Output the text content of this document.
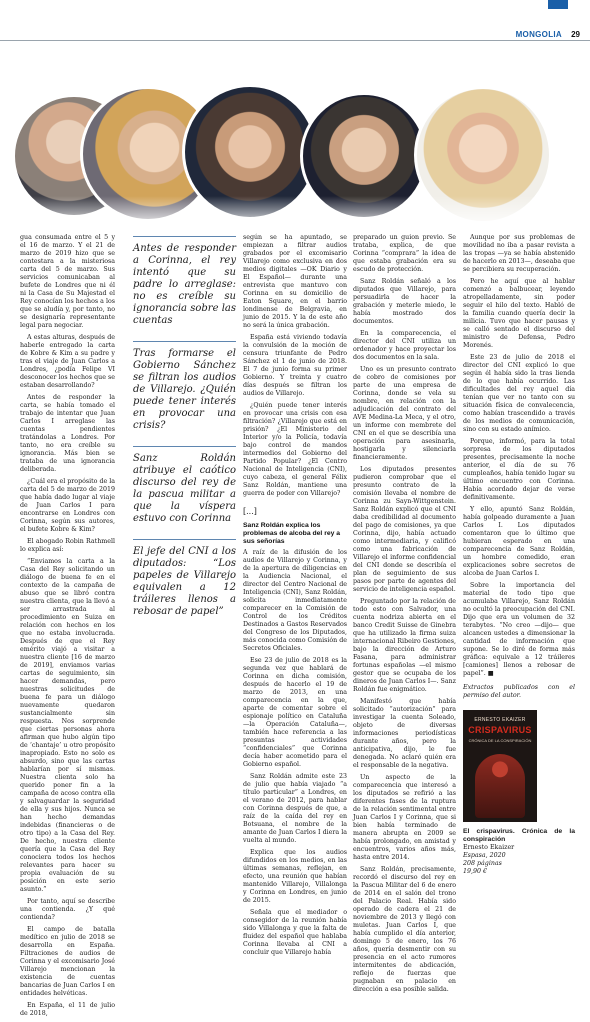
MONGOLIA 29

gua consumada entre el 5 y el 16 de marzo. Y el 21 de marzo de 2019 hizo que se contestara a la misteriosa carta del 5 de marzo. Sus servicios comunicaban al bufete de Londres que ni él ni la Casa de Su Majestad el Rey conocían los hechos a los que se aludía y, por tanto, no se designaría representante legal para negociar.

A estas alturas, después de haberle entregado la carta de Kobre & Kim a su padre y tras el viaje de Juan Carlos a Londres, ¿podía Felipe VI desconocer los hechos que se estaban desarrollando?

Antes de responder la carta, se había tomado el trabajo de intentar que Juan Carlos I arreglase las cuentas pendientes tratándolas a Londres. Por tanto, no era creíble su ignorancia. Más bien se trataba de una ignorancia deliberada.

¿Cuál era el propósito de la carta del 5 de marzo de 2019 que había dado lugar al viaje de Juan Carlos I para encontrarse en Londres con Corinna, según sus autores, el bufete Kobre & Kim?

El abogado Robin Rathmell lo explica así:

“Enviamos la carta a la Casa del Rey solicitando un diálogo de buena fe en el contexto de la campaña de abuso que se libró contra nuestra clienta, que la llevó a ser arrastrada al procedimiento en Suiza en relación con hechos en los que no estaba involucrada. Después de que el Rey emérito viajó a visitar a nuestra cliente [16 de marzo de 2019], enviamos varias cartas de seguimiento, sin hacer demandas, pero nuestras solicitudes de buena fe para un diálogo nuevamente quedaron sustancialmente sin respuesta. Nos sorprende que ciertas personas ahora afirman que hubo algún tipo de ‘chantaje’ u otro propósito inapropiado. Esto no solo es absurdo, sino que las cartas hablarían por sí mismas. Nuestra clienta solo ha querido poner fin a la campaña de acoso contra ella y salvaguardar la seguridad de ella y sus hijos. Nunca se han hecho demandas indebidas (financieras o de otro tipo) a la Casa del Rey. De hecho, nuestra cliente quería que la Casa del Rey conociera todos los hechos relevantes para hacer su propia evaluación de su posición en este serio asunto.”

Por tanto, aquí se describe una contienda. ¿Y qué contienda?

El campo de batalla medítico en julio de 2018 se desarrolla en España. Filtraciones de audios de Corinna y el excomisario José Villarejo mencionan la existencia de cuentas bancarias de Juan Carlos I en entidades helvéticas.

En España, el 11 de julio de 2018,

Antes de responder a Corinna, el rey intentó que su padre lo arreglase: no es creíble su ignorancia sobre las cuentas
Tras formarse el Gobierno Sánchez se filtran los audios de Villarejo. ¿Quién puede tener interés en provocar una crisis?
Sanz Roldán atribuye el caótico discurso del rey de la pascua militar a que la víspera estuvo con Corinna
El jefe del CNI a los diputados: “Los papeles de Villarejo equivalen a 12 tráileres llenos a rebosar de papel”

según se ha apuntado, se empiezan a filtrar audios grabados por el excomisario Villarejo como exclusiva en dos medios digitales —OK Diario y El Español— durante una entrevista que mantuvo con Corinna en su domicilio de Eaton Square, en el barrio londinense de Belgravia, en junio de 2015. Y la de este año no será la única grabación.

España está viviendo todavía la convulsión de la moción de censura triunfante de Pedro Sánchez el 1 de junio de 2018. El 7 de junio forma su primer Gobierno. Y treinta y cuatro días después se filtran los audios de Villarejo.

¿Quién puede tener interés en provocar una crisis con esa filtración? ¿Villarejo que está en prisión? ¿El Ministerio del Interior y/o la Policía, todavía bajo control de mandos intermedios del Gobierno del Partido Popular? ¿El Centro Nacional de Inteligencia (CNI), cuyo cabeza, el general Félix Sanz Roldán, mantiene una guerra de poder con Villarejo?

[...]

Sanz Roldán explica los problemas de alcoba del rey a sus señorías

A raíz de la difusión de los audios de Villarejo y Corinna, y de la apertura de diligencias en la Audiencia Nacional, el director del Centro Nacional de Inteligencia (CNI), Sanz Roldán, solicita inmediatamente comparecer en la Comisión de Control de los Créditos Destinados a Gastos Reservados del Congreso de los Diputados, más conocida como Comisión de Secretos Oficiales.

Ese 23 de julio de 2018 es la segunda vez que hablará de Corinna en dicha comisión, después de hacerlo el 19 de marzo de 2013, en una comparecencia en la que, aparte de comentar sobre el espionaje político en Cataluña —la Operación Cataluña—, también hace referencia a las presuntas actividades “confidenciales” que Corinna decía haber acometido para el Gobierno español.

Sanz Roldán admite este 23 de julio que había viajado “a título particular” a Londres, en el verano de 2012, para hablar con Corinna después de que, a raíz de la caída del rey en Botsuana, el nombre de la amante de Juan Carlos I diera la vuelta al mundo.

Explica que los audios difundidos en los medios, en las últimas semanas, reflejan, en efecto, una reunión que habían mantenido Villarejo, Villalonga y Corinna en Londres, en junio de 2015.

Señala que el mediador o consegidor de la reunión había sido Villalonga y que la falta de fluidez del español que hablaba Corinna llevaba al CNI a concluir que Villarejo había

preparado un guion previo. Se trataba, explica, de que Corinna “comprara” la idea de que estaba grabación era su escudo de protección.

Sanz Roldán señaló a los diputados que Villarejo, para persuadirla de hacer la grabación y meterle miedo, le había mostrado dos documentos.

En la comparecencia, el director del CNI utiliza un ordenador y hace proyectar los dos documentos en la sala.

Uno es un presunto contrato de cobro de comisiones por parte de una empresa de Corinna, donde se vela su nombre, en relación con la adjudicación del contrato del AVE Medina-La Meca, y el otro, un informe con membrete del CNI en el que se describía una operación para asesinarla, hostigarla y silenciarla financieramente.

Los diputados presentes pudieron comprobar que el presunto contrato de la comisión llevaba el nombre de Corinna zu Sayn-Wittgenstein. Sanz Roldán explicó que el CNI daba credibilidad al documento del pago de comisiones, ya que Corinna, dijo, había actuado como intermediaria, y calificó como una fabricación de Villarejo el informe confidencial del CNI donde se describía el plan de seguimiento de sus pasos por parte de agentes del servicio de inteligencia español.

Preguntado por la relación de todo esto con Salvador, una cuenta nodriza abierta en el banco Credit Suisse de Ginebra que ha utilizado la firma suiza internacional Ribeiro Gestiones, bajo la dirección de Arturo Fasana, para administrar fortunas españolas —el mismo gestor que se ocupaba de los dineros de Juan Carlos I—. Sanz Roldán fue enigmático.

Manifestó que había solicitado “autorización” para investigar la cuenta Soleado, objeto de diversas informaciones periodísticas durante años, pero la anticipativa, dijo, le fue denegada. No aclaró quién era el responsable de la negativa.

Un aspecto de la comparecencia que interesó a los diputados se refirió a las diferentes fases de la ruptura de la relación sentimental entre Juan Carlos I y Corinna, que si bien había terminado de manera abrupta en 2009 se había prolongado, en amistad y encuentros, varios años más, hasta entre 2014.

Sanz Roldán, precisamente, recordó el discurso del rey en la Pascua Militar del 6 de enero de 2014 en el salón del trono del Palacio Real. Había sido operado de cadera el 21 de noviembre de 2013 y llegó con muletas. Juan Carlos I, que había cumplido el día anterior, domingo 5 de enero, los 76 años, quería desmentir con su presencia en el acto rumores intermitentes de abdicación, reflejo de fuerzas que pugnaban en palacio en dirección a esa posible salida.

Aunque por sus problemas de movilidad no iba a pasar revista a las tropas —ya se había abstenido de hacerlo en 2013—, deseaba que se percibiera su recuperación.

Pero he aquí que al hablar comenzó a balbucear, leyendo atropelladamente, sin poder seguir el hilo del texto. Habló de la familia cuando quería decir la milicia. Tuvo que hacer pausas y se calló sentado el discurso del ministro de Defensa, Pedro Morenés.

Este 23 de julio de 2018 el director del CNI explicó lo que según él había sido la tras lienda de lo que había ocurrido. Las dificultades del rey aquel día tenían que ver no tanto con su situación física de convalecencia, como habían trascendido a través de los medios de comunicación, sino con su estado anímico.

Porque, informó, para la total sorpresa de los diputados presentes, precisamente la noche anterior, el día de su 76 cumpleaños, había tenido lugar su último encuentro con Corinna. Había acordado dejar de verse definitivamente.

Y ello, apuntó Sanz Roldán, había golpeado duramente a Juan Carlos I. Los diputados comentaron que lo último que hubieran esperado en una comparecencia de Sanz Roldán, un hombre comedido, eran explicaciones sobre secretos de alcoba de Juan Carlos I.

Sobre la importancia del material de todo tipo que acumulaba Villarejo, Sanz Roldán no ocultó la preocupación del CNI. Dijo que era un volumen de 32 terabytes. “No creo —dijo— que alcancen ustedes a dimensionar la cantidad de información que supone. Se lo diré de forma más gráfica: equivale a 12 tráileres [camiones] llenos a rebosar de papel”. ■

Extractos publicados con el permiso del autor.

ERNESTO EKAIZER
CRISPAVIRUS
CRÓNICA DE LA CONSPIRACIÓN
El crispavirus. Crónica de la conspiración
Ernesto Ekaizer
Espasa, 2020
208 páginas
19,90 €
